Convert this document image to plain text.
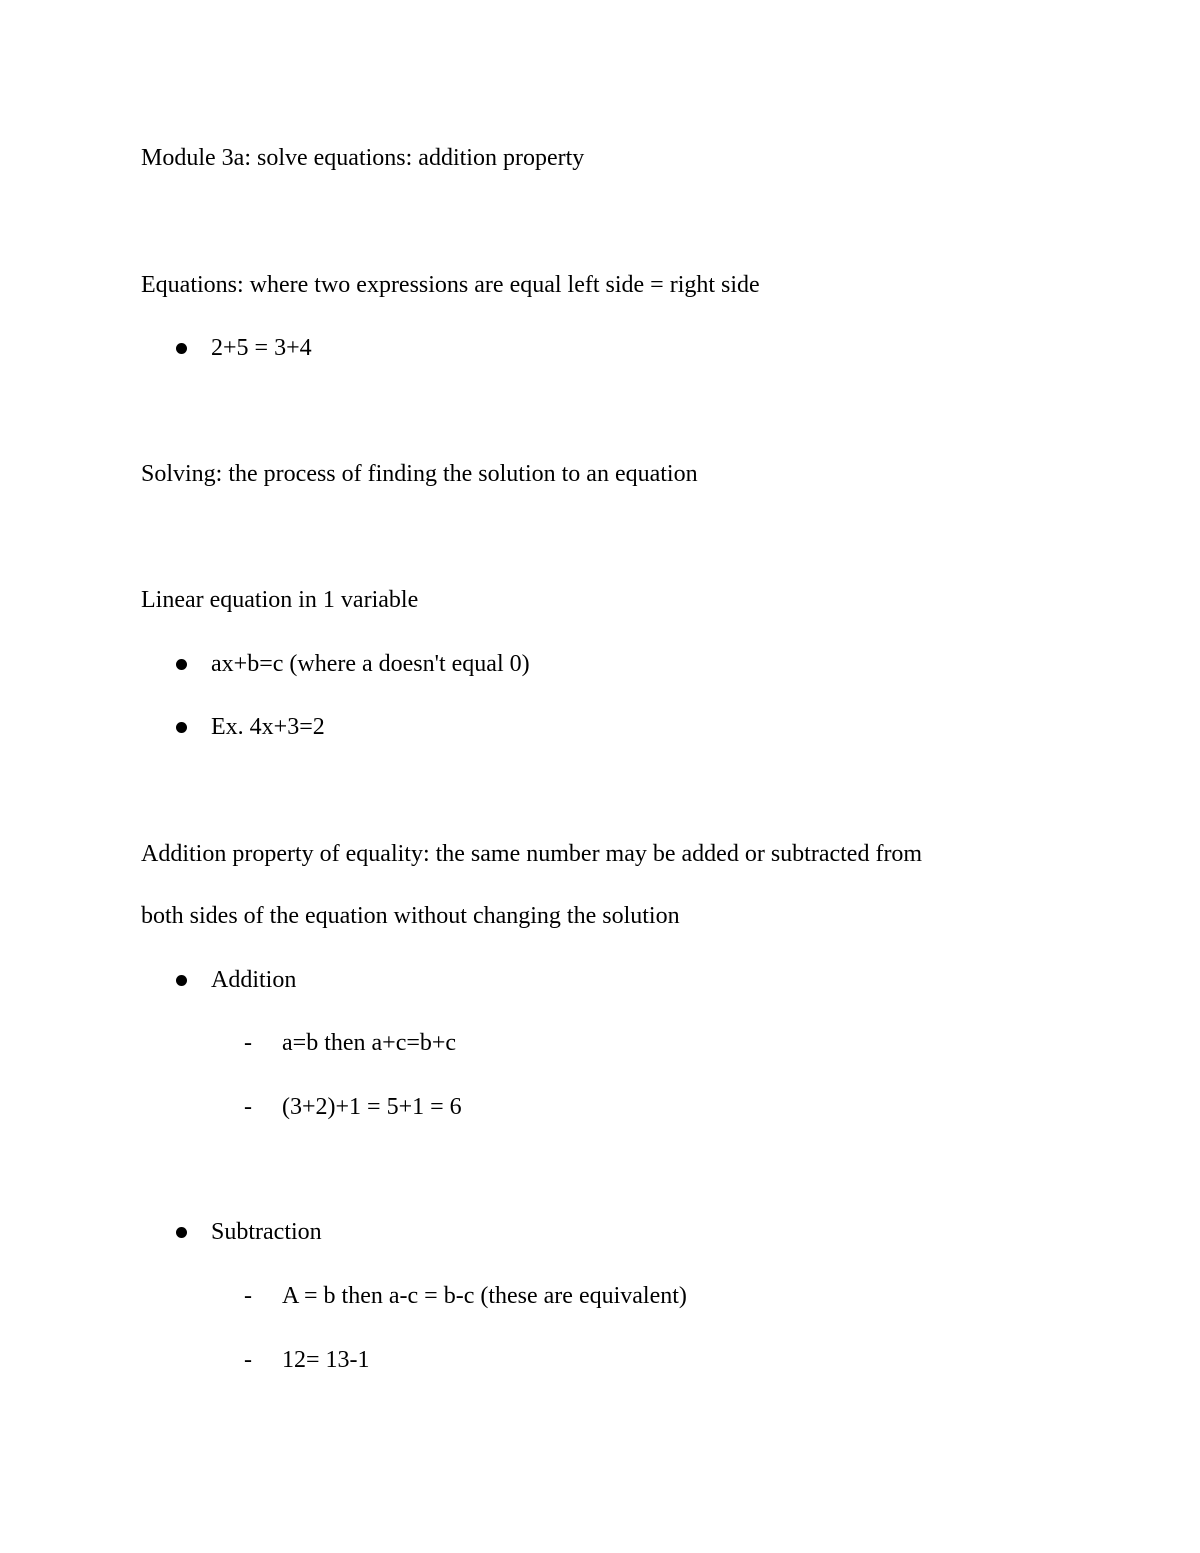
Module 3a: solve equations: addition property
Equations: where two expressions are equal left side = right side
2+5 = 3+4
Solving: the process of finding the solution to an equation
Linear equation in 1 variable
ax+b=c (where a doesn't equal 0)
Ex. 4x+3=2
Addition property of equality: the same number may be added or subtracted from
both sides of the equation without changing the solution
Addition
- a=b then a+c=b+c
- (3+2)+1 = 5+1 = 6
Subtraction
- A = b then a-c = b-c (these are equivalent)
- 12= 13-1
